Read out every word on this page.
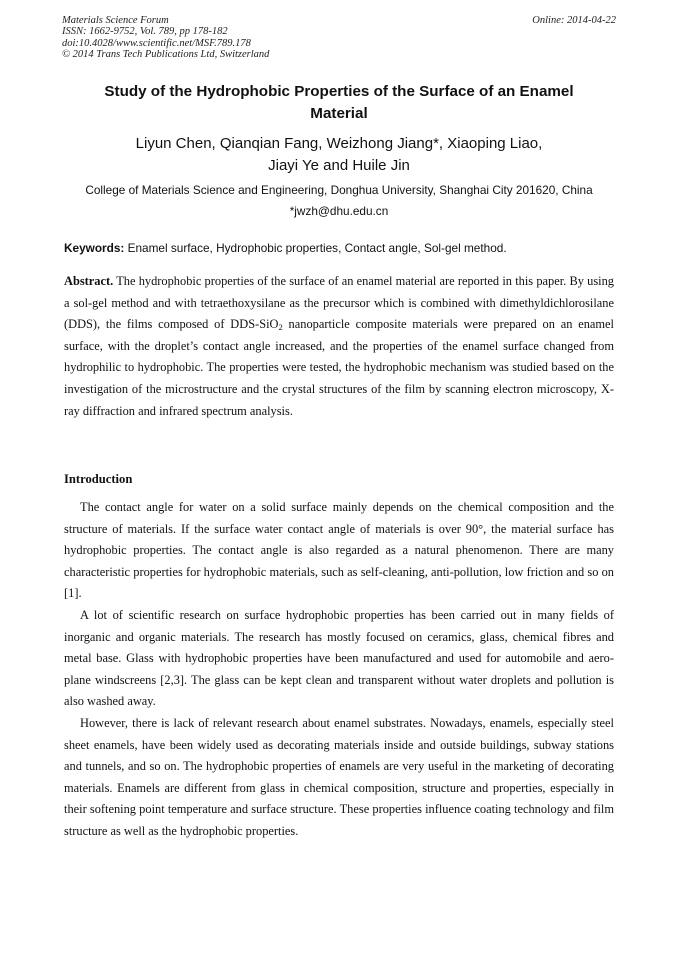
Materials Science Forum
ISSN: 1662-9752, Vol. 789, pp 178-182
doi:10.4028/www.scientific.net/MSF.789.178
© 2014 Trans Tech Publications Ltd, Switzerland
Online: 2014-04-22
Study of the Hydrophobic Properties of the Surface of an Enamel
Material
Liyun Chen, Qianqian Fang, Weizhong Jiang*, Xiaoping Liao,
Jiayi Ye and Huile Jin
College of Materials Science and Engineering, Donghua University, Shanghai City 201620, China
*jwzh@dhu.edu.cn
Keywords: Enamel surface, Hydrophobic properties, Contact angle, Sol-gel method.
Abstract. The hydrophobic properties of the surface of an enamel material are reported in this paper. By using a sol-gel method and with tetraethoxysilane as the precursor which is combined with dimethyldichlorosilane (DDS), the films composed of DDS-SiO$_2$ nanoparticle composite materials were prepared on an enamel surface, with the droplet’s contact angle increased, and the properties of the enamel surface changed from hydrophilic to hydrophobic. The properties were tested, the hydrophobic mechanism was studied based on the investigation of the microstructure and the crystal structures of the film by scanning electron microscopy, X-ray diffraction and infrared spectrum analysis.
Introduction

The contact angle for water on a solid surface mainly depends on the chemical composition and the structure of materials. If the surface water contact angle of materials is over 90°, the material surface has hydrophobic properties. The contact angle is also regarded as a natural phenomenon. There are many characteristic properties for hydrophobic materials, such as self-cleaning, anti-pollution, low friction and so on [1].

A lot of scientific research on surface hydrophobic properties has been carried out in many fields of inorganic and organic materials. The research has mostly focused on ceramics, glass, chemical fibres and metal base. Glass with hydrophobic properties have been manufactured and used for automobile and aero-plane windscreens [2,3]. The glass can be kept clean and transparent without water droplets and pollution is also washed away.

However, there is lack of relevant research about enamel substrates. Nowadays, enamels, especially steel sheet enamels, have been widely used as decorating materials inside and outside buildings, subway stations and tunnels, and so on. The hydrophobic properties of enamels are very useful in the marketing of decorating materials. Enamels are different from glass in chemical composition, structure and properties, especially in their softening point temperature and surface structure. These properties influence coating technology and film structure as well as the hydrophobic properties.
